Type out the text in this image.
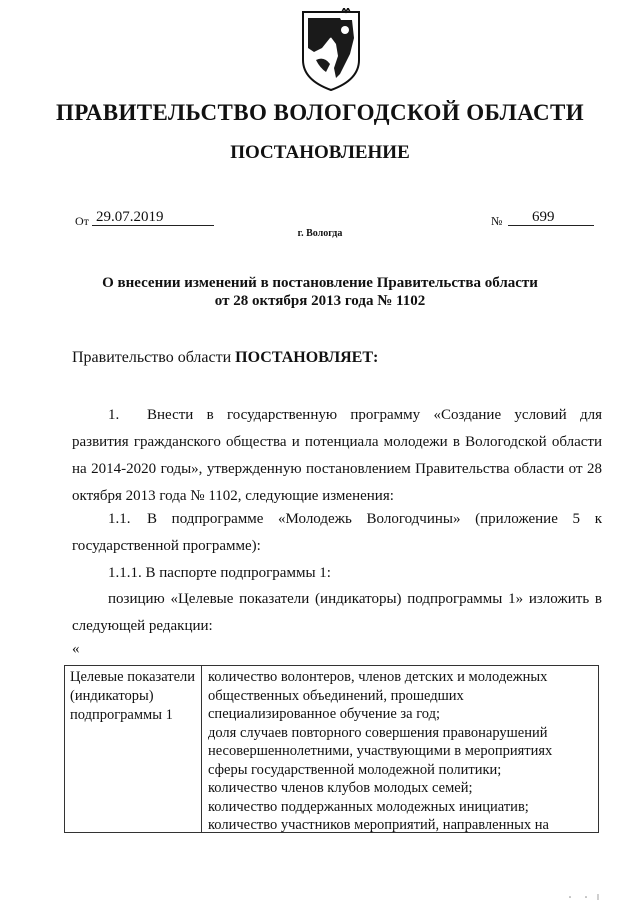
ПРАВИТЕЛЬСТВО ВОЛОГОДСКОЙ ОБЛАСТИ
ПОСТАНОВЛЕНИЕ
От 29.07.2019	№	699
г. Вологда
О внесении изменений в постановление Правительства области
от 28 октября 2013 года № 1102
Правительство области ПОСТАНОВЛЯЕТ:
1. Внести в государственную программу «Создание условий для развития гражданского общества и потенциала молодежи в Вологодской области на 2014-2020 годы», утвержденную постановлением Правительства области от 28 октября 2013 года № 1102, следующие изменения:
1.1. В подпрограмме «Молодежь Вологодчины» (приложение 5 к государственной программе):
1.1.1. В паспорте подпрограммы 1:
позицию «Целевые показатели (индикаторы) подпрограммы 1» изложить в следующей редакции:
«
Целевые показатели (индикаторы) подпрограммы 1
количество волонтеров, членов детских и молодежных общественных объединений, прошедших специализированное обучение за год;
доля случаев повторного совершения правонарушений несовершеннолетними, участвующими в мероприятиях сферы государственной молодежной политики;
количество членов клубов молодых семей;
количество поддержанных молодежных инициатив;
количество участников мероприятий, направленных на
